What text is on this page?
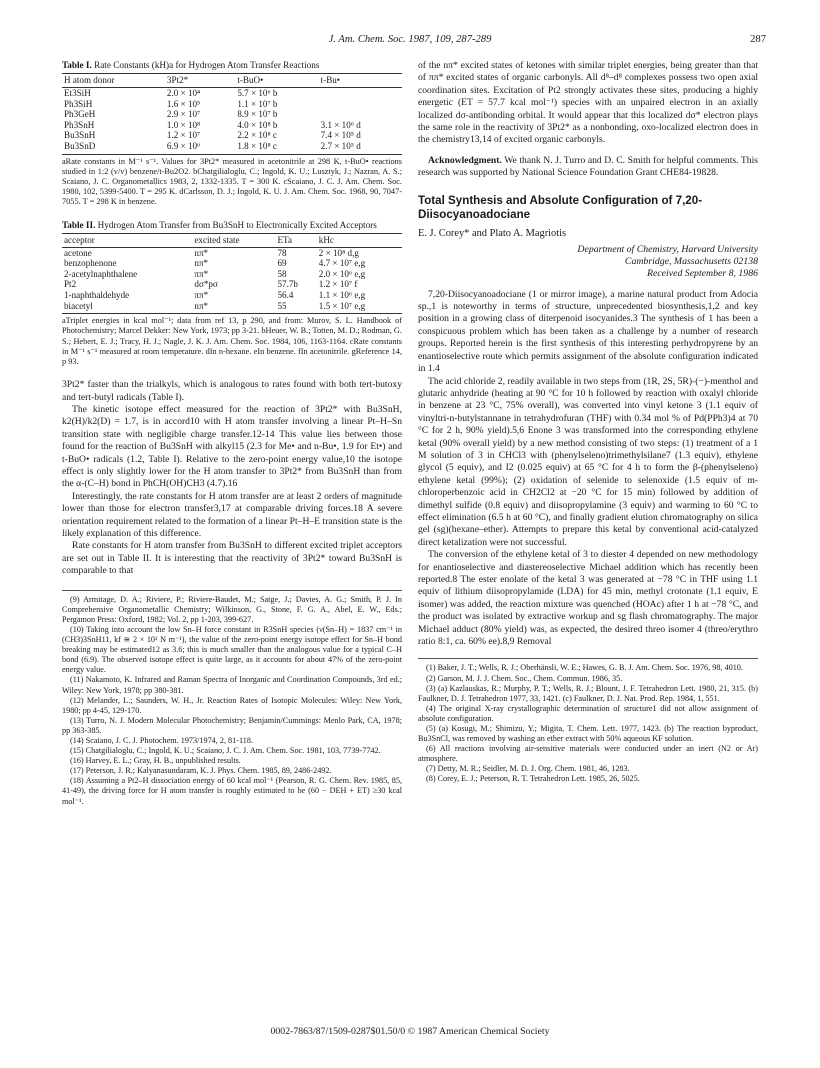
J. Am. Chem. Soc. 1987, 109, 287-289	287
Table I. Rate Constants (kH)a for Hydrogen Atom Transfer Reactions
H atom donor	3Pt2*	t-BuO•	t-Bu•
Et3SiH	2.0 × 10⁴	5.7 × 10⁶ b	
Ph3SiH	1.6 × 10⁵	1.1 × 10⁷ b	
Ph3GeH	2.9 × 10⁷	8.9 × 10⁷ b	
Ph3SnH	1.0 × 10⁸	4.0 × 10⁸ b	3.1 × 10⁶ d
Bu3SnH	1.2 × 10⁷	2.2 × 10⁸ c	7.4 × 10⁵ d
Bu3SnD	6.9 × 10⁶	1.8 × 10⁸ c	2.7 × 10⁵ d
aRate constants in M⁻¹ s⁻¹. Values for 3Pt2* measured in acetonitrile at 298 K, t-BuO• reactions studied in 1:2 (v/v) benzene/t-Bu2O2. bChatgilialoglu, C.; Ingold, K. U.; Lusztyk, J.; Nazran, A. S.; Scaiano, J. C. Organometallics 1983, 2, 1332-1335. T = 300 K. cScaiano, J. C. J. Am. Chem. Soc. 1980, 102, 5399-5400. T = 295 K. dCarlsson, D. J.; Ingold, K. U. J. Am. Chem. Soc. 1968, 90, 7047-7055. T = 298 K in benzene.
Table II. Hydrogen Atom Transfer from Bu3SnH to Electronically Excited Acceptors
acceptor	excited state	ETa	kHc
acetone	nπ*	78	2 × 10⁸ d,g
benzophenone	nπ*	69	4.7 × 10⁷ e,g
2-acetylnaphthalene	ππ*	58	2.0 × 10⁶ e,g
Pt2	dσ*pσ	57.7b	1.2 × 10⁷ f
1-naphthaldehyde	ππ*	56.4	1.1 × 10⁶ e,g
biacetyl	nπ*	55	1.5 × 10⁷ e,g
aTriplet energies in kcal mol⁻¹; data from ref 13, p 290, and from: Murov, S. L. Handbook of Photochemistry; Marcel Dekker: New York, 1973; pp 3-21. bHeuer, W. B.; Totten, M. D.; Rodman, G. S.; Hebert, E. J.; Tracy, H. J.; Nagle, J. K. J. Am. Chem. Soc. 1984, 106, 1163-1164. cRate constants in M⁻¹ s⁻¹ measured at room temperature. dIn n-hexane. eIn benzene. fIn acetonitrile. gReference 14, p 93.

3Pt2* faster than the trialkyls, which is analogous to rates found with both tert-butoxy and tert-butyl radicals (Table I).

The kinetic isotope effect measured for the reaction of 3Pt2* with Bu3SnH, k2(H)/k2(D) = 1.7, is in accord10 with H atom transfer involving a linear Pt–H–Sn transition state with negligible charge transfer.12-14 This value lies between those found for the reaction of Bu3SnH with alkyl15 (2.3 for Me• and n-Bu•, 1.9 for Et•) and t-BuO• radicals (1.2, Table I). Relative to the zero-point energy value,10 the isotope effect is only slightly lower for the H atom transfer to 3Pt2* from Bu3SnH than from the α-(C–H) bond in PhCH(OH)CH3 (4.7).16

Interestingly, the rate constants for H atom transfer are at least 2 orders of magnitude lower than those for electron transfer3,17 at comparable driving forces.18 A severe orientation requirement related to the formation of a linear Pt–H–E transition state is the likely explanation of this difference.

Rate constants for H atom transfer from Bu3SnH to different excited triplet acceptors are set out in Table II. It is interesting that the reactivity of 3Pt2* toward Bu3SnH is comparable to that

(9) Armitage, D. A.; Riviere, P.; Riviere-Baudet, M.; Satge, J.; Davies, A. G.; Smith, P. J. In Comprehensive Organometallic Chemistry; Wilkinson, G., Stone, F. G. A., Abel, E. W., Eds.; Pergamon Press: Oxford, 1982; Vol. 2, pp 1-203, 399-627.
(10) Taking into account the low Sn–H force constant in R3SnH species (ν(Sn–H) = 1837 cm⁻¹ in (CH3)3SnH11, kf ≅ 2 × 10² N m⁻¹), the value of the zero-point energy isotope effect for Sn–H bond breaking may be estimated12 as 3.6; this is much smaller than the analogous value for a typical C–H bond (6.9). The observed isotope effect is quite large, as it accounts for about 47% of the zero-point energy value.
(11) Nakamoto, K. Infrared and Raman Spectra of Inorganic and Coordination Compounds, 3rd ed.; Wiley: New York, 1978; pp 380-381.
(12) Melander, L.; Saunders, W. H., Jr. Reaction Rates of Isotopic Molecules: Wiley: New York, 1980; pp 4-45, 129-170.
(13) Turro, N. J. Modern Molecular Photochemistry; Benjamin/Cummings: Menlo Park, CA, 1978; pp 363-385.
(14) Scaiano, J. C. J. Photochem. 1973/1974, 2, 81-118.
(15) Chatgilialoglu, C.; Ingold, K. U.; Scaiano, J. C. J. Am. Chem. Soc. 1981, 103, 7739-7742.
(16) Harvey, E. L.; Gray, H. B., unpublished results.
(17) Peterson, J. R.; Kalyanasundaram, K. J. Phys. Chem. 1985, 89, 2486-2492.
(18) Assuming a Pt2–H dissociation energy of 60 kcal mol⁻¹ (Pearson, R. G. Chem. Rev. 1985, 85, 41-49), the driving force for H atom transfer is roughly estimated to be (60 − DEH + ET) ≥30 kcal mol⁻¹.

of the nπ* excited states of ketones with similar triplet energies, being greater than that of ππ* excited states of organic carbonyls. All d⁸–d⁸ complexes possess two open axial coordination sites. Excitation of Pt2 strongly activates these sites, producing a highly energetic (ET = 57.7 kcal mol⁻¹) species with an unpaired electron in an axially localized dσ-antibonding orbital. It would appear that this localized dσ* electron plays the same role in the reactivity of 3Pt2* as a nonbonding, oxo-localized electron does in the chemistry13,14 of excited organic carbonyls.

Acknowledgment. We thank N. J. Turro and D. C. Smith for helpful comments. This research was supported by National Science Foundation Grant CHE84-19828.

Total Synthesis and Absolute Configuration of 7,20-Diisocyanoadociane
E. J. Corey* and Plato A. Magriotis
Department of Chemistry, Harvard University
Cambridge, Massachusetts 02138
Received September 8, 1986

7,20-Diisocyanoadociane (1 or mirror image), a marine natural product from Adocia sp.,1 is noteworthy in terms of structure, unprecedented biosynthesis,1,2 and key position in a growing class of diterpenoid isocyanides.3 The synthesis of 1 has been a conspicuous problem which has been taken as a challenge by a number of research groups. Reported herein is the first synthesis of this interesting perhydropyrene by an enantioselective route which permits assignment of the absolute configuration indicated in 1.4

The acid chloride 2, readily available in two steps from (1R, 2S, 5R)-(−)-menthol and glutaric anhydride (heating at 90 °C for 10 h followed by reaction with oxalyl chloride in benzene at 23 °C, 75% overall), was converted into vinyl ketone 3 (1.1 equiv of vinyltri-n-butylstannane in tetrahydrofuran (THF) with 0.34 mol % of Pd(PPh3)4 at 70 °C for 2 h, 90% yield).5,6 Enone 3 was transformed into the corresponding ethylene ketal (90% overall yield) by a new method consisting of two steps: (1) treatment of a 1 M solution of 3 in CHCl3 with (phenylseleno)trimethylsilane7 (1.3 equiv), ethylene glycol (5 equiv), and I2 (0.025 equiv) at 65 °C for 4 h to form the β-(phenylseleno) ethylene ketal (99%); (2) oxidation of selenide to selenoxide (1.5 equiv of m-chloroperbenzoic acid in CH2Cl2 at −20 °C for 15 min) followed by addition of dimethyl sulfide (0.8 equiv) and diisopropylamine (3 equiv) and warming to 60 °C to effect elimination (6.5 h at 60 °C), and finally gradient elution chromatography on silica gel (sg)(hexane–ether). Attempts to prepare this ketal by conventional acid-catalyzed direct ketalization were not successful.

The conversion of the ethylene ketal of 3 to diester 4 depended on new methodology for enantioselective and diastereoselective Michael addition which has recently been reported.8 The ester enolate of the ketal 3 was generated at −78 °C in THF using 1.1 equiv of lithium diisopropylamide (LDA) for 45 min, methyl crotonate (1.1 equiv, E isomer) was added, the reaction mixture was quenched (HOAc) after 1 h at −78 °C, and the product was isolated by extractive workup and sg flash chromatography. The major Michael adduct (80% yield) was, as expected, the desired threo isomer 4 (threo/erythro ratio 8:1, ca. 60% ee).8,9 Removal

(1) Baker, J. T.; Wells, R. J.; Oberhänsli, W. E.; Hawes, G. B. J. Am. Chem. Soc. 1976, 98, 4010.
(2) Garson, M. J. J. Chem. Soc., Chem. Commun. 1986, 35.
(3) (a) Kazlauskas, R.; Murphy, P. T.; Wells, R. J.; Blount, J. F. Tetrahedron Lett. 1980, 21, 315. (b) Faulkner, D. J. Tetrahedron 1977, 33, 1421. (c) Faulkner, D. J. Nat. Prod. Rep. 1984, 1, 551.
(4) The original X-ray crystallographic determination of structure1 did not allow assignment of absolute configuration.
(5) (a) Kosugi, M.; Shimizu, Y.; Migita, T. Chem. Lett. 1977, 1423. (b) The reaction byproduct, Bu3SnCl, was removed by washing an ether extract with 50% aqueous KF solution.
(6) All reactions involving air-sensitive materials were conducted under an inert (N2 or Ar) atmosphere.
(7) Detty, M. R.; Seidler, M. D. J. Org. Chem. 1981, 46, 1283.
(8) Corey, E. J.; Peterson, R. T. Tetrahedron Lett. 1985, 26, 5025.
0002-7863/87/1509-0287$01.50/0 © 1987 American Chemical Society
